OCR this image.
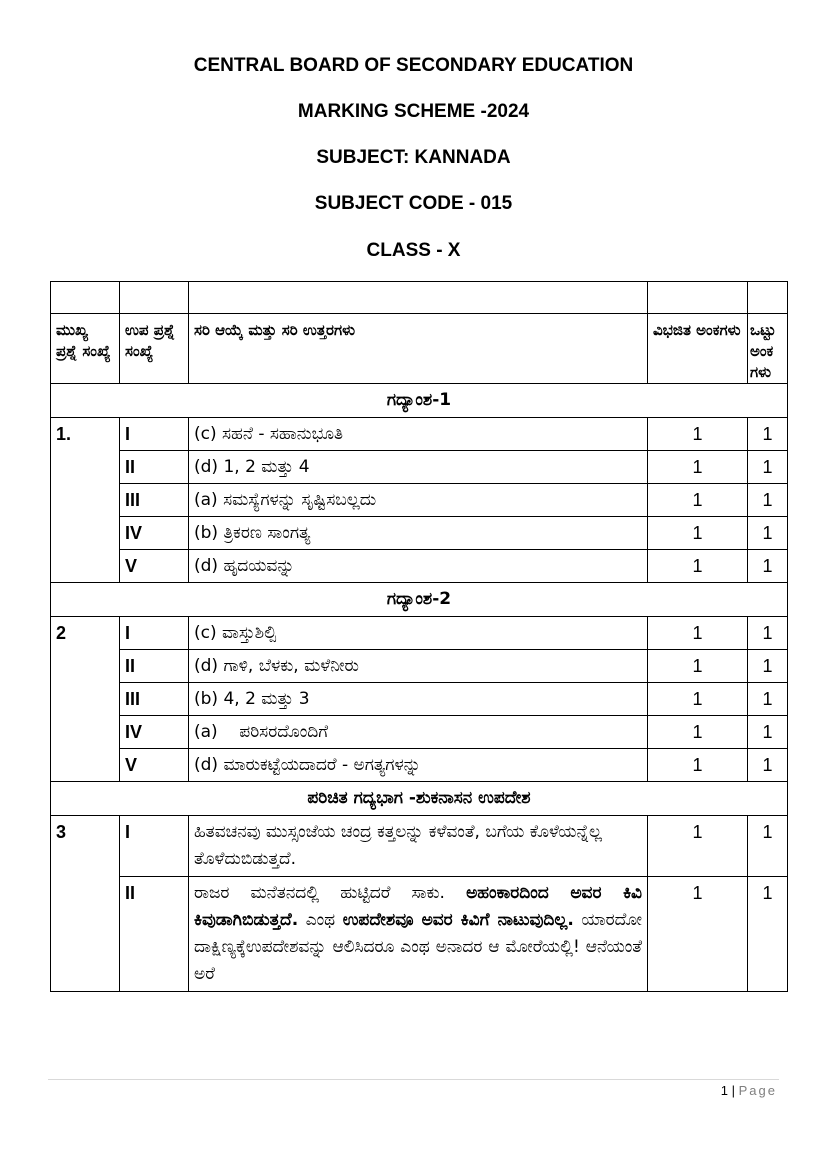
CENTRAL BOARD OF SECONDARY EDUCATION
MARKING SCHEME -2024
SUBJECT: KANNADA
SUBJECT CODE - 015
CLASS - X

ಮುಖ್ಯ ಪ್ರಶ್ನೆ ಸಂಖ್ಯೆ	ಉಪ ಪ್ರಶ್ನೆ ಸಂಖ್ಯೆ	ಸರಿ ಆಯ್ಕೆ ಮತ್ತು ಸರಿ ಉತ್ತರಗಳು	ವಿಭಜಿತ ಅಂಕಗಳು	ಒಟ್ಟು ಅಂಕ ಗಳು
ಗದ್ಯಾಂಶ-1				
1.	I	(c) ಸಹನೆ - ಸಹಾನುಭೂತಿ	1	1
	II	(d) 1, 2 ಮತ್ತು 4	1	1
	III	(a) ಸಮಸ್ಯೆಗಳನ್ನು ಸೃಷ್ಟಿಸಬಲ್ಲದು	1	1
	IV	(b) ತ್ರಿಕರಣ ಸಾಂಗತ್ಯ	1	1
	V	(d) ಹೃದಯವನ್ನು	1	1
ಗದ್ಯಾಂಶ-2				
2	I	(c) ವಾಸ್ತುಶಿಲ್ಪಿ	1	1
	II	(d) ಗಾಳಿ, ಬೆಳಕು, ಮಳೆನೀರು	1	1
	III	(b) 4, 2 ಮತ್ತು 3	1	1
	IV	(a)    ಪರಿಸರದೊಂದಿಗೆ	1	1
	V	(d) ಮಾರುಕಟ್ಟೆಯದಾದರೆ - ಅಗತ್ಯಗಳನ್ನು	1	1
ಪರಿಚಿತ ಗದ್ಯಭಾಗ -ಶುಕನಾಸನ ಉಪದೇಶ				
3	I	ಹಿತವಚನವು ಮುಸ್ಸಂಜೆಯ ಚಂದ್ರ ಕತ್ತಲನ್ನು ಕಳೆವಂತೆ, ಬಗೆಯ ಕೊಳೆಯನ್ನೆಲ್ಲ ತೊಳೆದುಬಿಡುತ್ತದೆ.	1	1
	II	ರಾಜರ ಮನೆತನದಲ್ಲಿ ಹುಟ್ಟಿದರೆ ಸಾಕು. ಅಹಂಕಾರದಿಂದ ಅವರ ಕಿವಿ ಕಿವುಡಾಗಿಬಿಡುತ್ತದೆ. ಎಂಥ ಉಪದೇಶವೂ ಅವರ ಕಿವಿಗೆ ನಾಟುವುದಿಲ್ಲ. ಯಾರದೋ ದಾಕ್ಷಿಣ್ಯಕ್ಕೆಉಪದೇಶವನ್ನು ಆಲಿಸಿದರೂ ಎಂಥ ಅನಾದರ ಆ ಮೋರೆಯಲ್ಲಿ! ಆನೆಯಂತೆ ಅರೆ	1	1
1 | Page
